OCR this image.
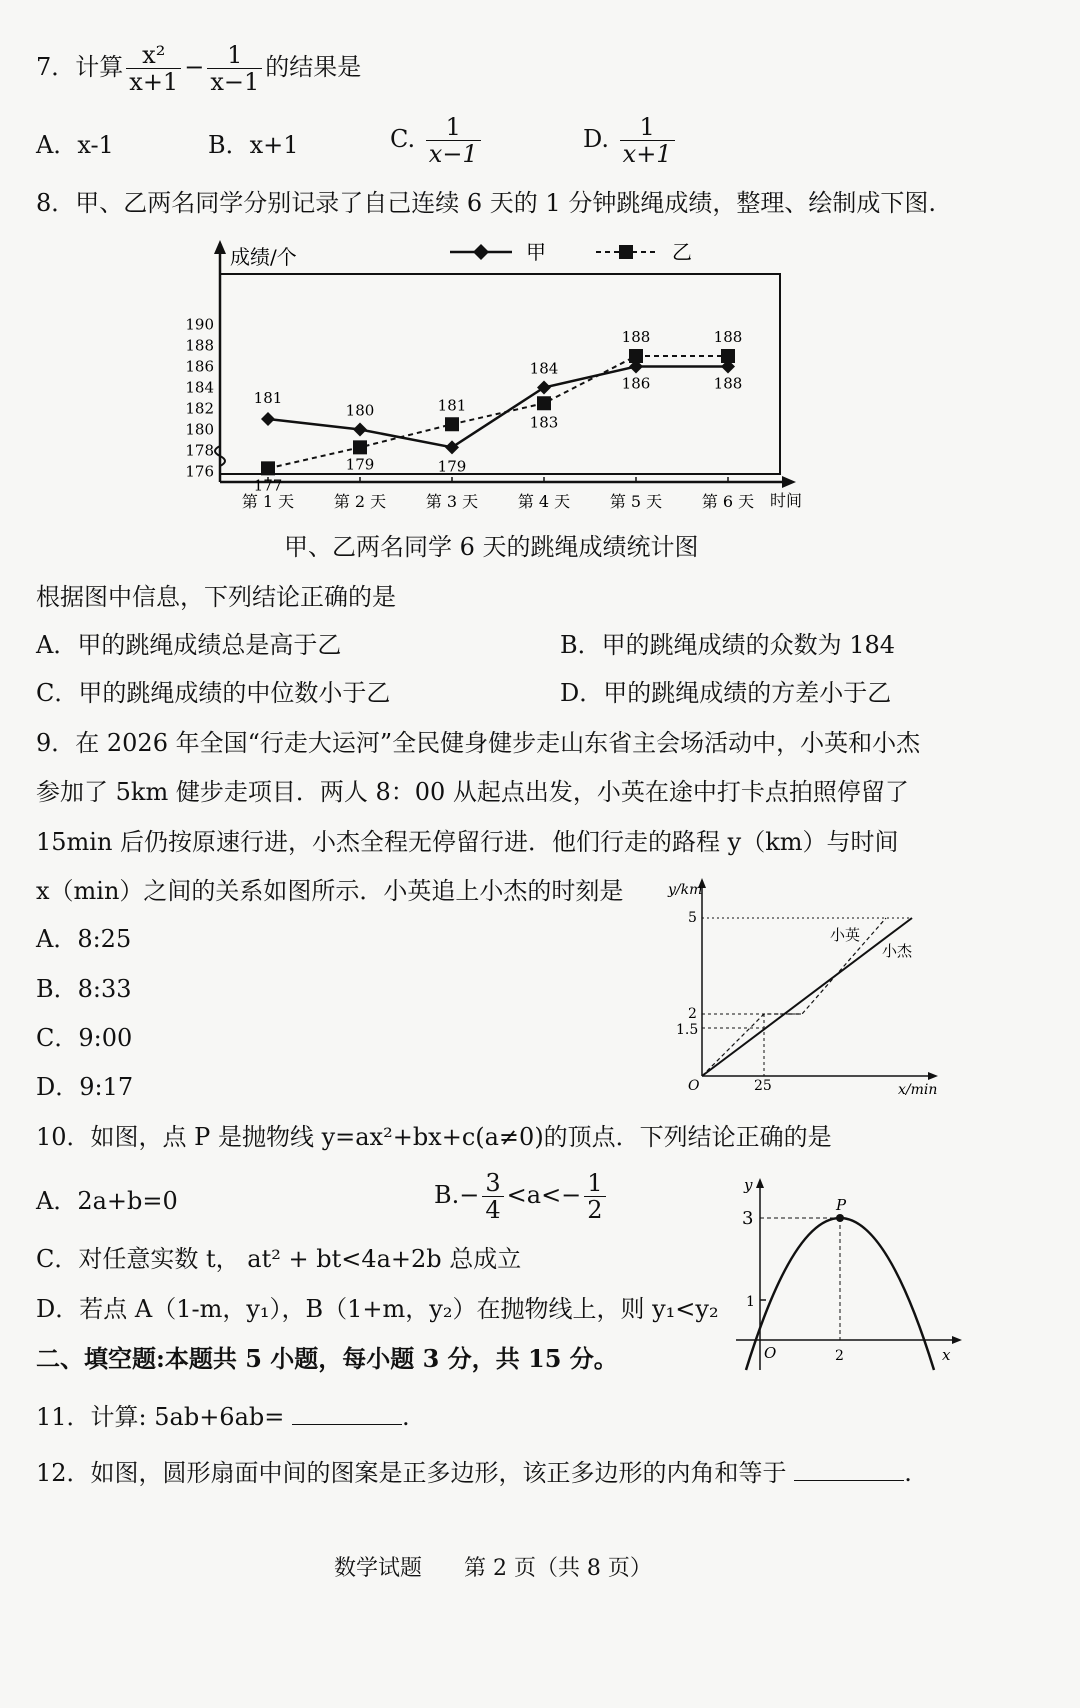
7．计算 $\frac{\text{x²}}{x+1} - \frac{1}{x-1}$ 的结果是
A．x-1	B．x+1	C. $\frac{1}{x-1}$	D. $\frac{1}{x+1}$
8．甲、乙两名同学分别记录了自己连续 6 天的 1 分钟跳绳成绩，整理、绘制成下图.
成绩/个
时间
甲	乙
176
178
180
182
184
186
188
190
第 1 天 第 2 天 第 3 天 第 4 天 第 5 天 第 6 天
181
180
179
184
186	188
177
179
181
183
188	188
甲、乙两名同学 6 天的跳绳成绩统计图
根据图中信息，下列结论正确的是
A．甲的跳绳成绩总是高于乙	B．甲的跳绳成绩的众数为 184
C．甲的跳绳成绩的中位数小于乙	D．甲的跳绳成绩的方差小于乙
9．在 2026 年全国“行走大运河”全民健身健步走山东省主会场活动中，小英和小杰
参加了 5km 健步走项目．两人 8：00 从起点出发，小英在途中打卡点拍照停留了
15min 后仍按原速行进，小杰全程无停留行进．他们行走的路程 y（km）与时间
x（min）之间的关系如图所示．小英追上小杰的时刻是
A．8:25
B．8:33
C．9:00
D．9:17
y/km
x/min
O
5
2
1.5
25
小英
小杰
10．如图，点 P 是抛物线 y=ax²+bx+c(a≠0)的顶点．下列结论正确的是
A．2a+b=0	$B.- \frac{3}{4} <a<- \frac{1}{2}$
C．对任意实数 t， at² + bt<4a+2b 总成立
D．若点 A（1-m，y₁），B（1+m，y₂）在抛物线上，则 y₁<y₂
y
x
O
3
1
2
P
二、填空题:本题共 5 小题，每小题 3 分，共 15 分。
11．计算: 5ab+6ab=	.
12．如图，圆形扇面中间的图案是正多边形，该正多边形的内角和等于	.
数学试题      第 2 页（共 8 页）
